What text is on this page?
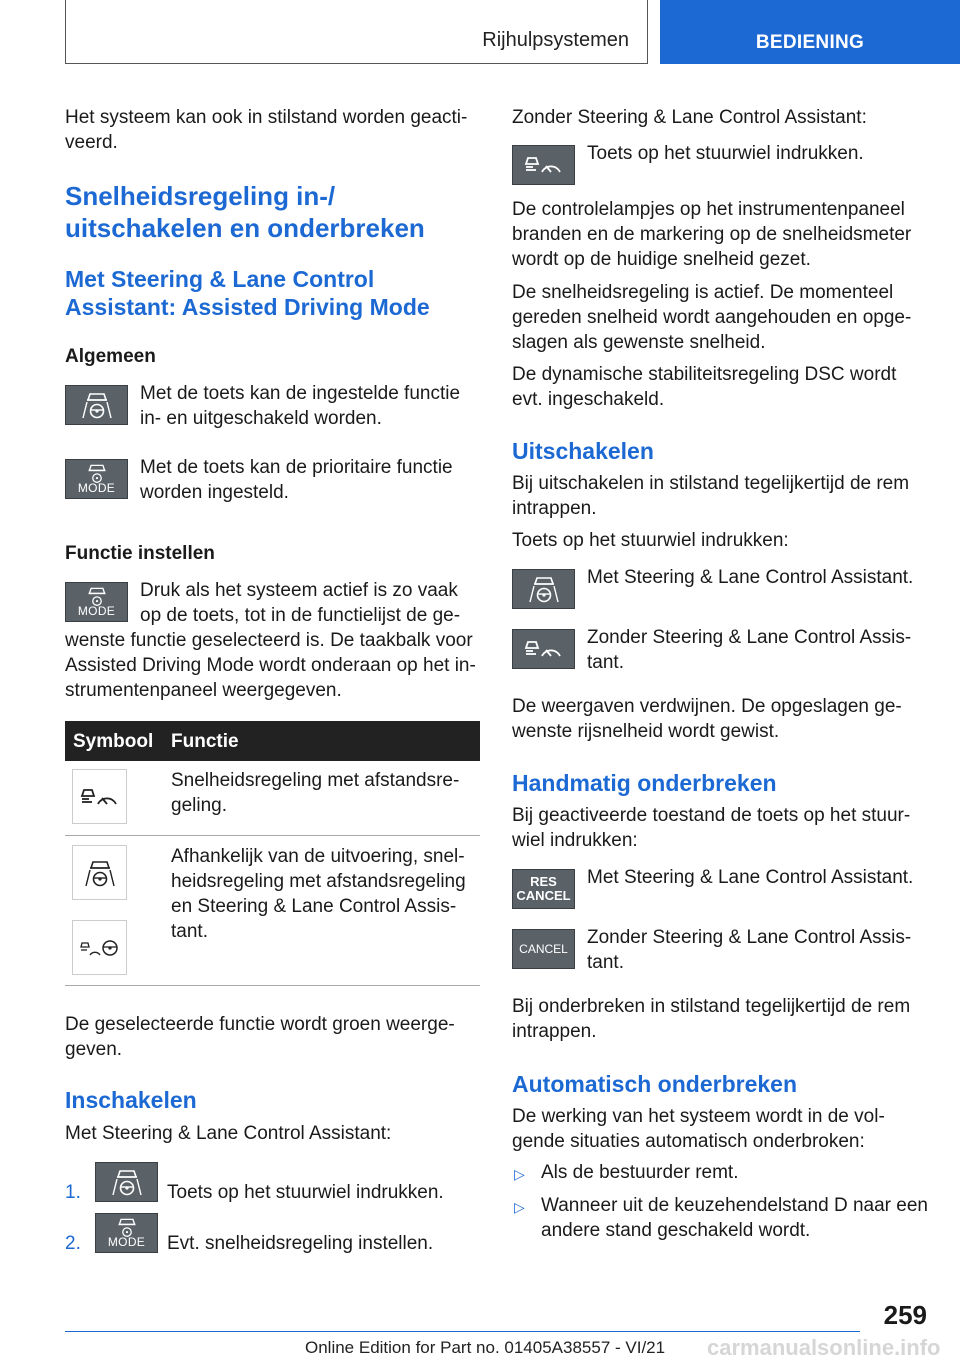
Rijhulpsystemen	BEDIENING

Het systeem kan ook in stilstand worden geacti-
veerd.

Snelheidsregeling in-/
uitschakelen en onderbreken
Met Steering & Lane Control
Assistant: Assisted Driving Mode
Algemeen

Met de toets kan de ingestelde functie
in- en uitgeschakeld worden.

MODE

Met de toets kan de prioritaire functie
worden ingesteld.

Functie instellen
MODE

Druk als het systeem actief is zo vaak
op de toets, tot in de functielijst de ge-

wenste functie geselecteerd is. De taakbalk voor
Assisted Driving Mode wordt onderaan op het in-
strumentenpaneel weergegeven.

Symbool Functie

Snelheidsregeling met afstandsre-
geling.

Afhankelijk van de uitvoering, snel-
heidsregeling met afstandsregeling
en Steering & Lane Control Assis-
tant.

De geselecteerde functie wordt groen weerge-
geven.

Inschakelen

Met Steering & Lane Control Assistant:

1.	Toets op het stuurwiel indrukken.
2.	MODE	Evt. snelheidsregeling instellen.

Zonder Steering & Lane Control Assistant:

Toets op het stuurwiel indrukken.

De controlelampjes op het instrumentenpaneel
branden en de markering op de snelheidsmeter
wordt op de huidige snelheid gezet.

De snelheidsregeling is actief. De momenteel
gereden snelheid wordt aangehouden en opge-
slagen als gewenste snelheid.

De dynamische stabiliteitsregeling DSC wordt
evt. ingeschakeld.

Uitschakelen

Bij uitschakelen in stilstand tegelijkertijd de rem
intrappen.

Toets op het stuurwiel indrukken:

Met Steering & Lane Control Assistant.

Zonder Steering & Lane Control Assis-
tant.

De weergaven verdwijnen. De opgeslagen ge-
wenste rijsnelheid wordt gewist.

Handmatig onderbreken

Bij geactiveerde toestand de toets op het stuur-
wiel indrukken:

RES
CANCEL

Met Steering & Lane Control Assistant.

CANCEL

Zonder Steering & Lane Control Assis-
tant.

Bij onderbreken in stilstand tegelijkertijd de rem
intrappen.

Automatisch onderbreken

De werking van het systeem wordt in de vol-
gende situaties automatisch onderbroken:

▷ Als de bestuurder remt.

▷ Wanneer uit de keuzehendelstand D naar een
andere stand geschakeld wordt.

259
Online Edition for Part no. 01405A38557 - VI/21 carmanualsonline.info
